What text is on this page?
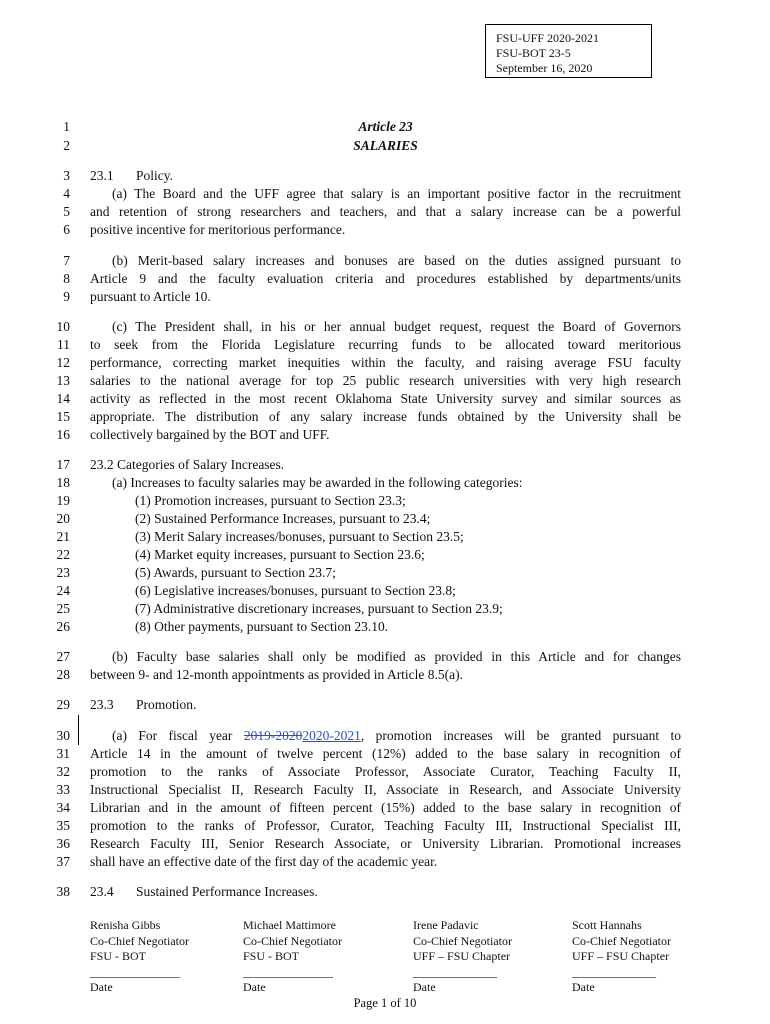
FSU-UFF 2020-2021
FSU-BOT 23-5
September 16, 2020
1
2
3
4
5
6
7
8
9
10
11
12
13
14
15
16
17
18
19
20
21
22
23
24
25
26
27
28
29
30
31
32
33
34
35
36
37
38
Article 23
SALARIES
23.1 Policy.
(a) The Board and the UFF agree that salary is an important positive factor in the recruitment
and retention of strong researchers and teachers, and that a salary increase can be a powerful
positive incentive for meritorious performance.
(b) Merit-based salary increases and bonuses are based on the duties assigned pursuant to
Article 9 and the faculty evaluation criteria and procedures established by departments/units
pursuant to Article 10.
(c) The President shall, in his or her annual budget request, request the Board of Governors
to seek from the Florida Legislature recurring funds to be allocated toward meritorious
performance, correcting market inequities within the faculty, and raising average FSU faculty
salaries to the national average for top 25 public research universities with very high research
activity as reflected in the most recent Oklahoma State University survey and similar sources as
appropriate. The distribution of any salary increase funds obtained by the University shall be
collectively bargained by the BOT and UFF.
23.2 Categories of Salary Increases.
(a) Increases to faculty salaries may be awarded in the following categories:
(1) Promotion increases, pursuant to Section 23.3;
(2) Sustained Performance Increases, pursuant to 23.4;
(3) Merit Salary increases/bonuses, pursuant to Section 23.5;
(4) Market equity increases, pursuant to Section 23.6;
(5) Awards, pursuant to Section 23.7;
(6) Legislative increases/bonuses, pursuant to Section 23.8;
(7) Administrative discretionary increases, pursuant to Section 23.9;
(8) Other payments, pursuant to Section 23.10.
(b) Faculty base salaries shall only be modified as provided in this Article and for changes
between 9- and 12-month appointments as provided in Article 8.5(a).
23.3 Promotion.
(a) For fiscal year 2019-20202020-2021, promotion increases will be granted pursuant to
Article 14 in the amount of twelve percent (12%) added to the base salary in recognition of
promotion to the ranks of Associate Professor, Associate Curator, Teaching Faculty II,
Instructional Specialist II, Research Faculty II, Associate in Research, and Associate University
Librarian and in the amount of fifteen percent (15%) added to the base salary in recognition of
promotion to the ranks of Professor, Curator, Teaching Faculty III, Instructional Specialist III,
Research Faculty III, Senior Research Associate, or University Librarian. Promotional increases
shall have an effective date of the first day of the academic year.
23.4 Sustained Performance Increases.
Renisha Gibbs
Co-Chief Negotiator
FSU - BOT
_______________
Date
Michael Mattimore
Co-Chief Negotiator
FSU - BOT
_______________
Date
Irene Padavic
Co-Chief Negotiator
UFF – FSU Chapter
______________
Date
Scott Hannahs
Co-Chief Negotiator
UFF – FSU Chapter
______________
Date
Page 1 of 10
